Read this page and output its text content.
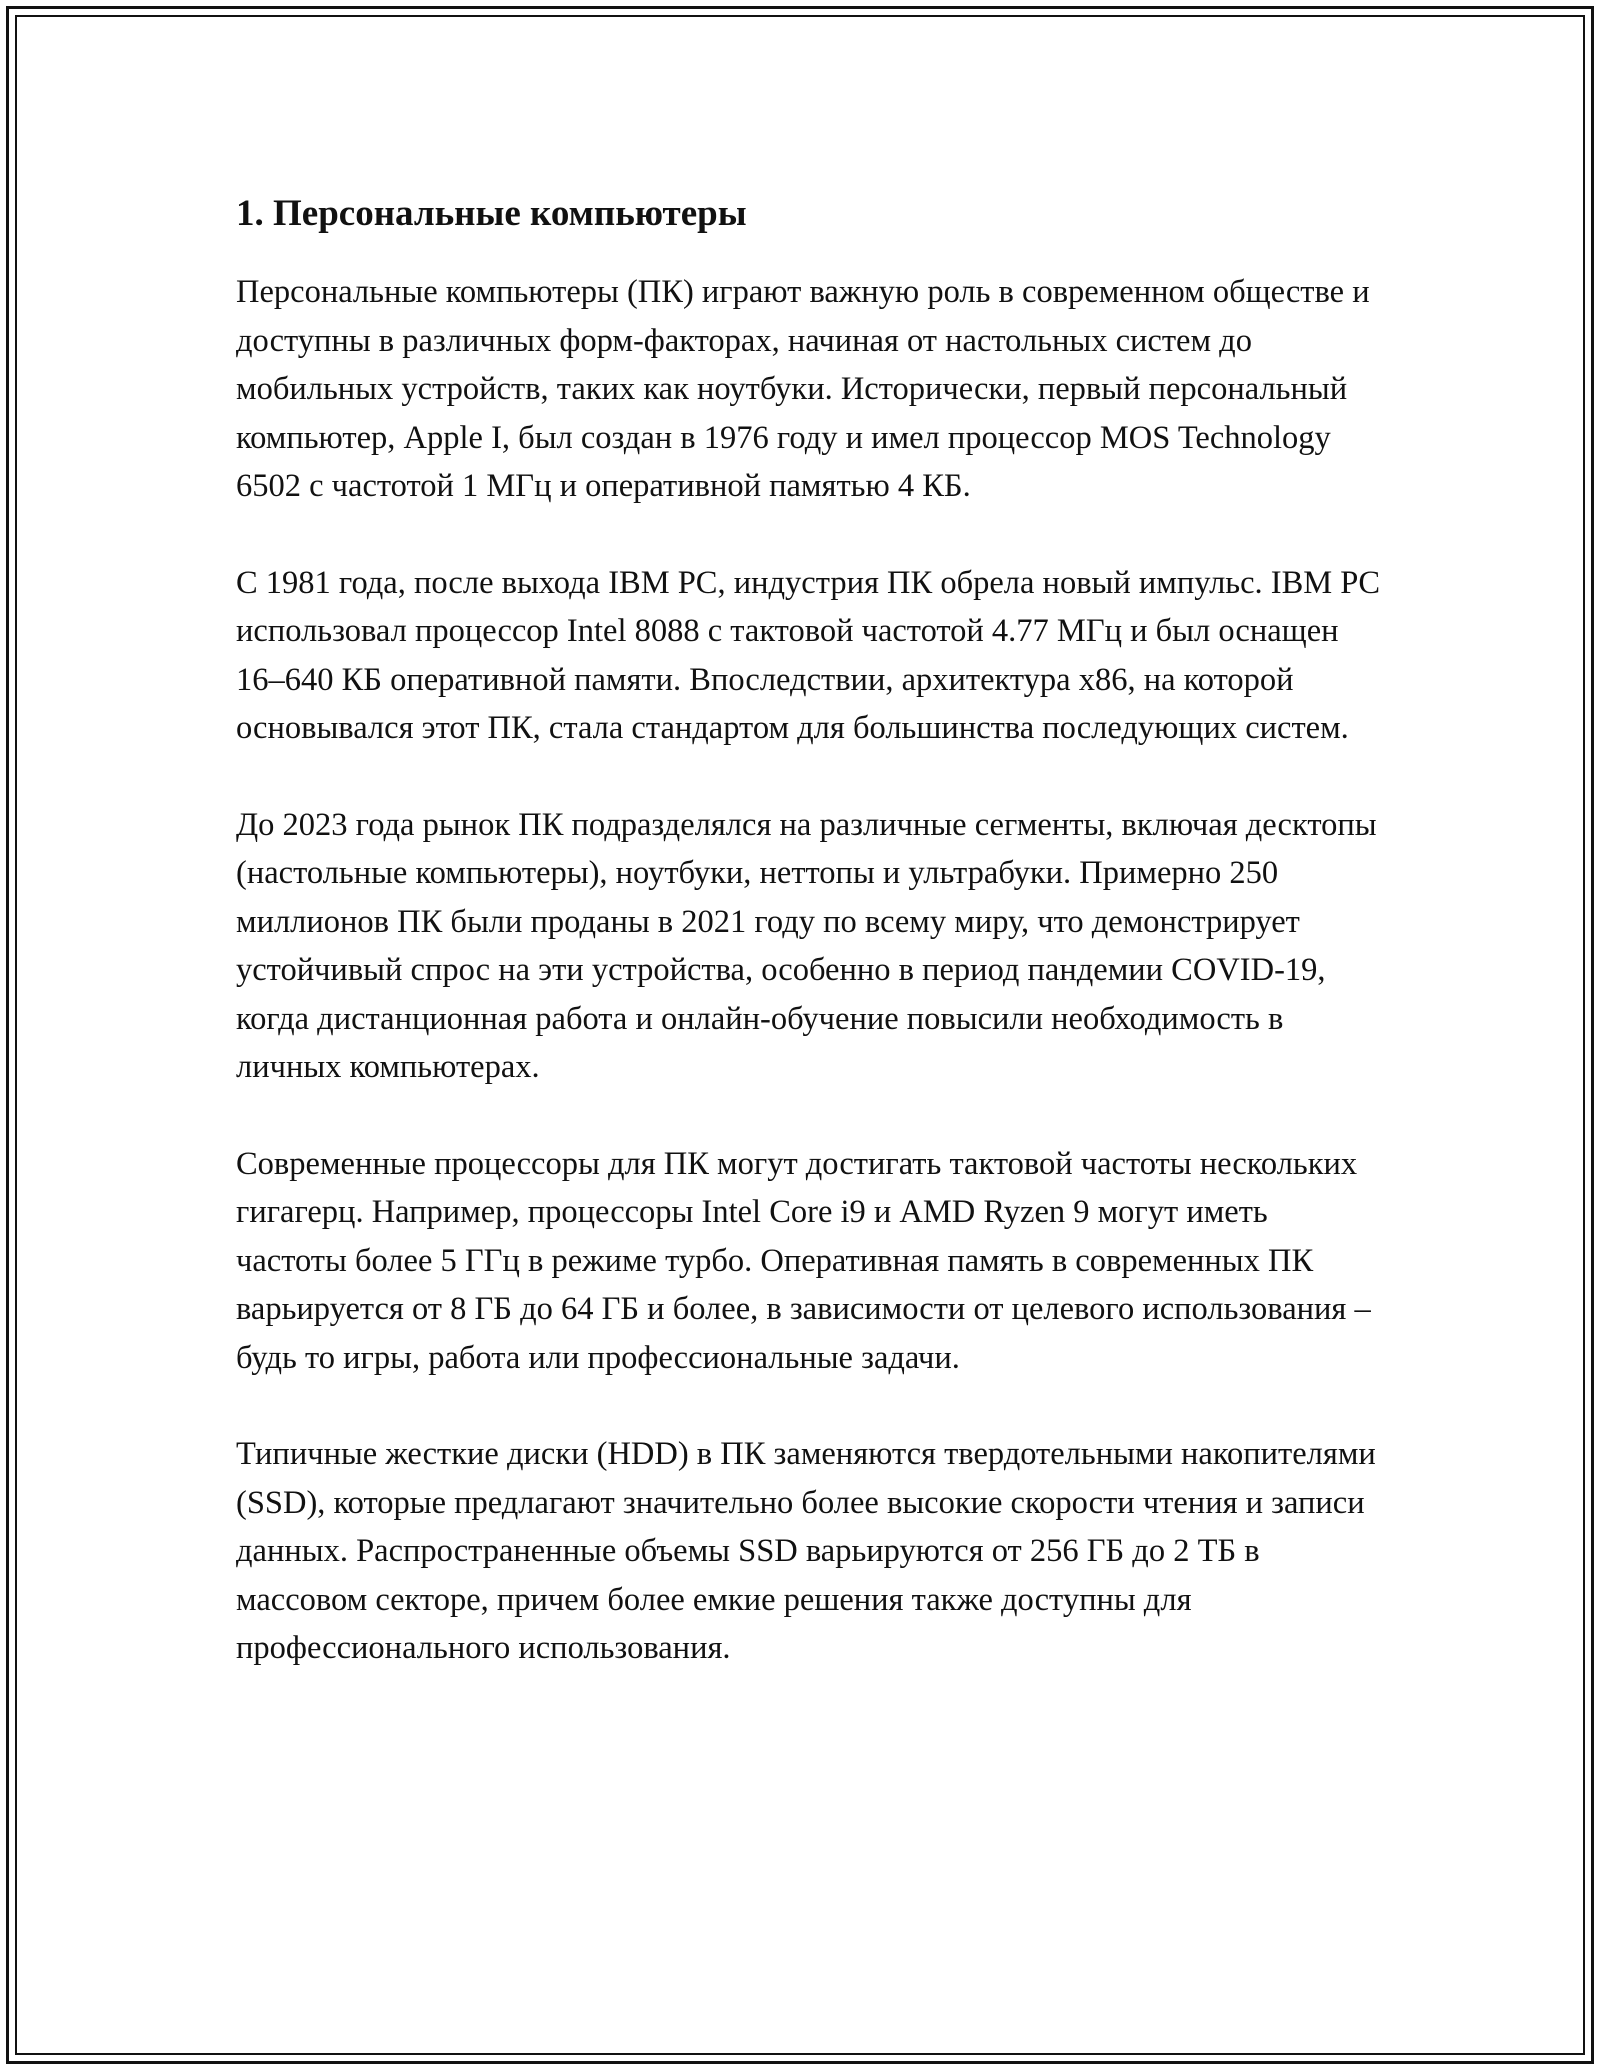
1. Персональные компьютеры

Персональные компьютеры (ПК) играют важную роль в современном обществе и доступны в различных форм-факторах, начиная от настольных систем до мобильных устройств, таких как ноутбуки. Исторически, первый персональный компьютер, Apple I, был создан в 1976 году и имел процессор MOS Technology 6502 с частотой 1 МГц и оперативной памятью 4 КБ.

С 1981 года, после выхода IBM PC, индустрия ПК обрела новый импульс. IBM PC использовал процессор Intel 8088 с тактовой частотой 4.77 МГц и был оснащен 16–640 КБ оперативной памяти. Впоследствии, архитектура x86, на которой основывался этот ПК, стала стандартом для большинства последующих систем.

До 2023 года рынок ПК подразделялся на различные сегменты, включая десктопы (настольные компьютеры), ноутбуки, неттопы и ультрабуки. Примерно 250 миллионов ПК были проданы в 2021 году по всему миру, что демонстрирует устойчивый спрос на эти устройства, особенно в период пандемии COVID-19, когда дистанционная работа и онлайн-обучение повысили необходимость в личных компьютерах.

Современные процессоры для ПК могут достигать тактовой частоты нескольких гигагерц. Например, процессоры Intel Core i9 и AMD Ryzen 9 могут иметь частоты более 5 ГГц в режиме турбо. Оперативная память в современных ПК варьируется от 8 ГБ до 64 ГБ и более, в зависимости от целевого использования – будь то игры, работа или профессиональные задачи.

Типичные жесткие диски (HDD) в ПК заменяются твердотельными накопителями (SSD), которые предлагают значительно более высокие скорости чтения и записи данных. Распространенные объемы SSD варьируются от 256 ГБ до 2 ТБ в массовом секторе, причем более емкие решения также доступны для профессионального использования.
